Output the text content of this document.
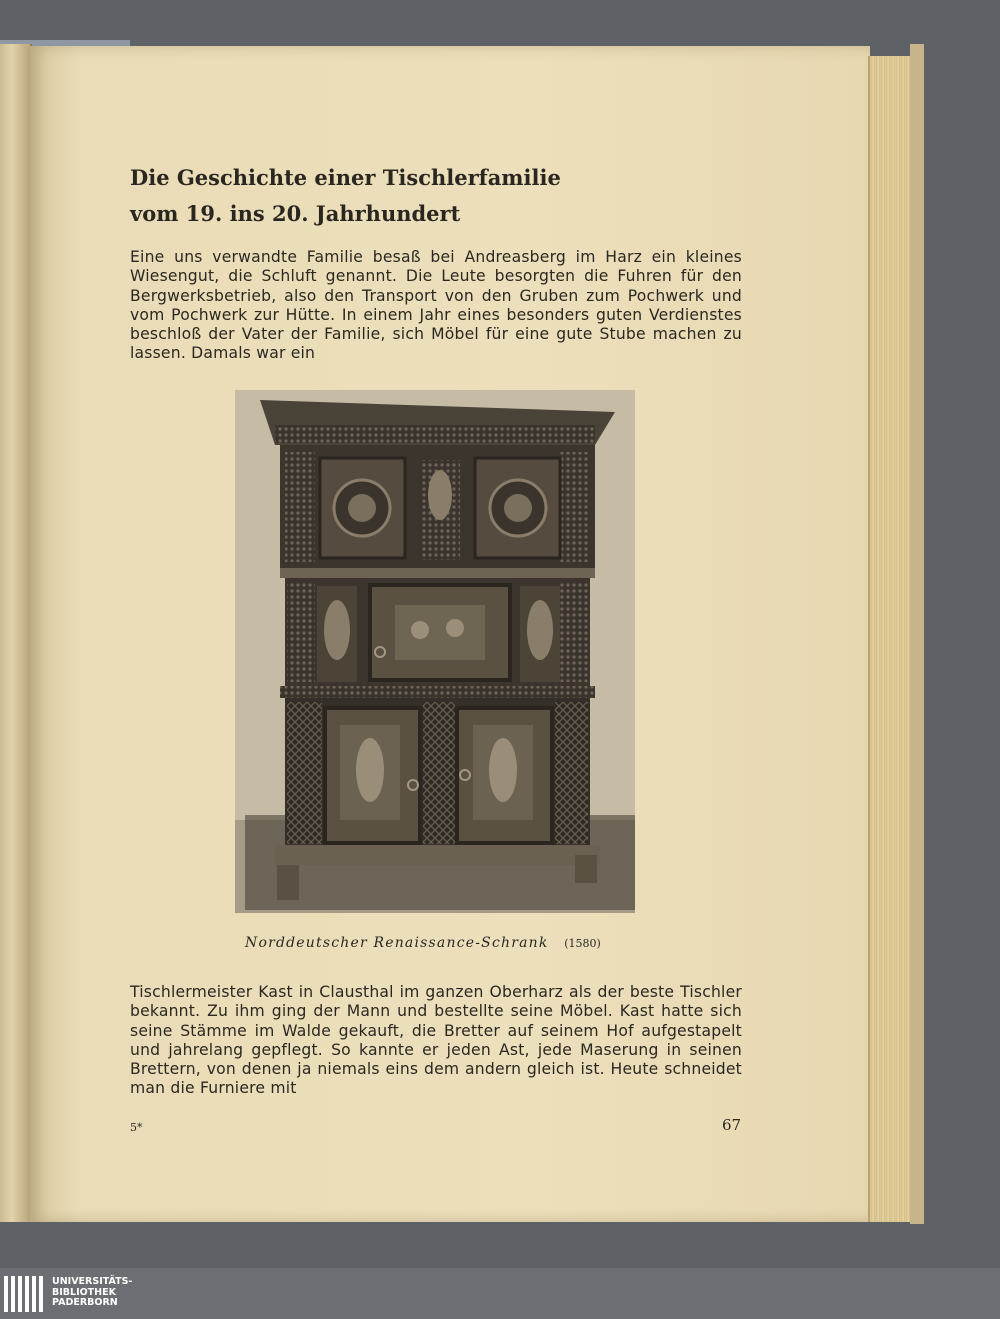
Die Geschichte einer Tischlerfamilie
vom 19. ins 20. Jahrhundert

Eine uns verwandte Familie besaß bei Andreasberg im Harz ein kleines Wiesengut, die Schluft genannt. Die Leute besorgten die Fuhren für den Bergwerksbetrieb, also den Transport von den Gruben zum Pochwerk und vom Pochwerk zur Hütte. In einem Jahr eines besonders guten Verdienstes beschloß der Vater der Familie, sich Möbel für eine gute Stube machen zu lassen. Damals war ein

Norddeutscher Renaissance-Schrank (1580)

Tischlermeister Kast in Clausthal im ganzen Oberharz als der beste Tischler bekannt. Zu ihm ging der Mann und bestellte seine Möbel. Kast hatte sich seine Stämme im Walde gekauft, die Bretter auf seinem Hof aufgestapelt und jahrelang gepflegt. So kannte er jeden Ast, jede Maserung in seinen Brettern, von denen ja niemals eins dem andern gleich ist. Heute schneidet man die Furniere mit

5*	67
UNIVERSITÄTS-
BIBLIOTHEK
PADERBORN
